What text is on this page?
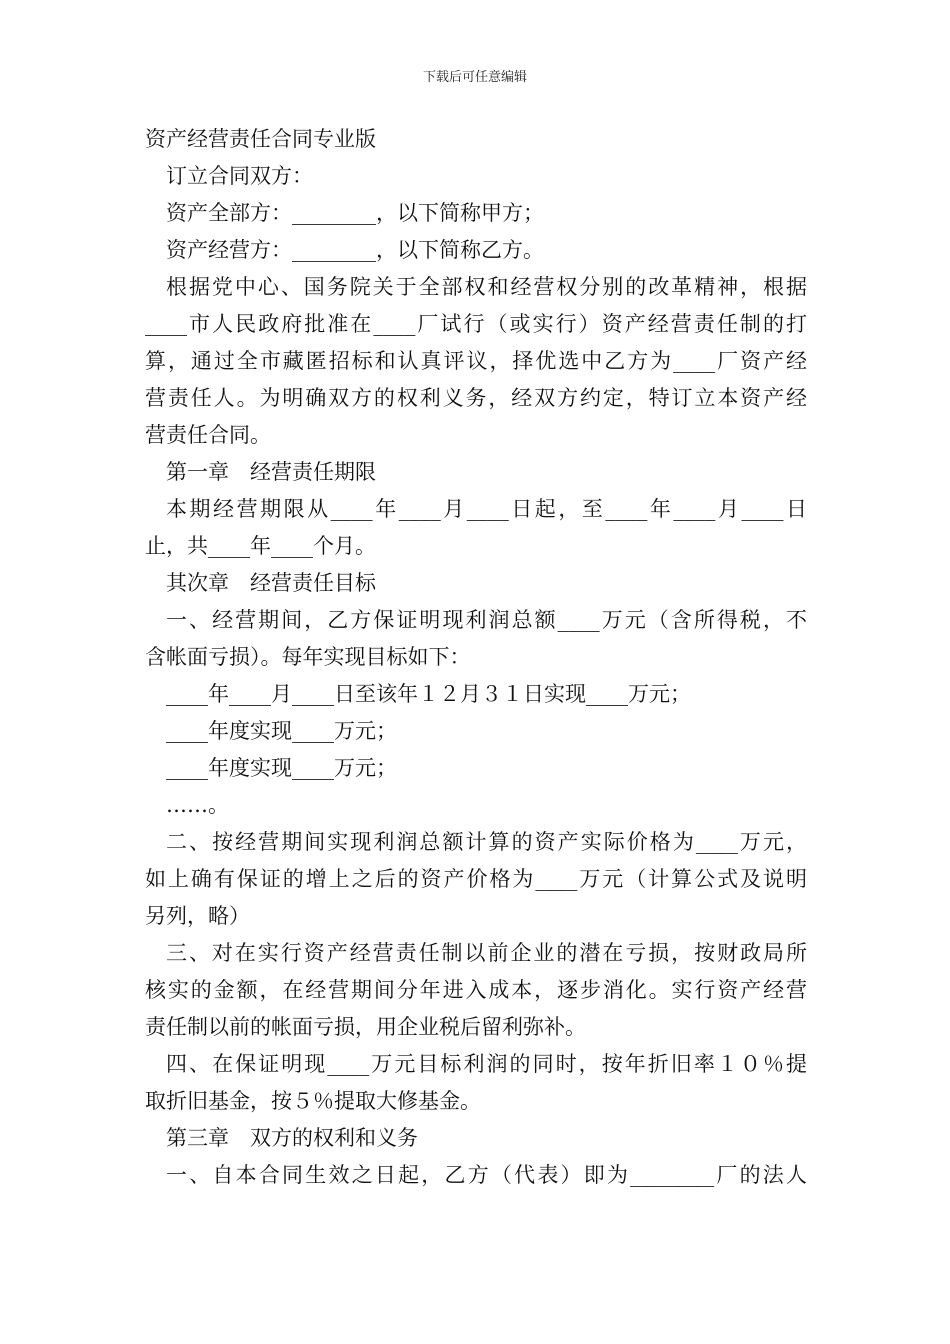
下载后可任意编辑
资产经营责任合同专业版
订立合同双方：
资产全部方：________，以下简称甲方；
资产经营方：________，以下简称乙方。
根据党中心、国务院关于全部权和经营权分别的改革精神，根据
____市人民政府批准在____厂试行（或实行）资产经营责任制的打
算，通过全市藏匿招标和认真评议，择优选中乙方为____厂资产经
营责任人。为明确双方的权利义务，经双方约定，特订立本资产经
营责任合同。
第一章　经营责任期限
本期经营期限从____年____月____日起，至____年____月____日
止，共____年____个月。
其次章　经营责任目标
一、经营期间，乙方保证明现利润总额____万元（含所得税，不
含帐面亏损）。每年实现目标如下：
____年____月____日至该年１２月３１日实现____万元；
____年度实现____万元；
____年度实现____万元；
……。
二、按经营期间实现利润总额计算的资产实际价格为____万元，
如上确有保证的增上之后的资产价格为____万元（计算公式及说明
另列，略）
三、对在实行资产经营责任制以前企业的潜在亏损，按财政局所
核实的金额，在经营期间分年进入成本，逐步消化。实行资产经营
责任制以前的帐面亏损，用企业税后留利弥补。
四、在保证明现____万元目标利润的同时，按年折旧率１０％提
取折旧基金，按５％提取大修基金。
第三章　双方的权利和义务
一、自本合同生效之日起，乙方（代表）即为________厂的法人
